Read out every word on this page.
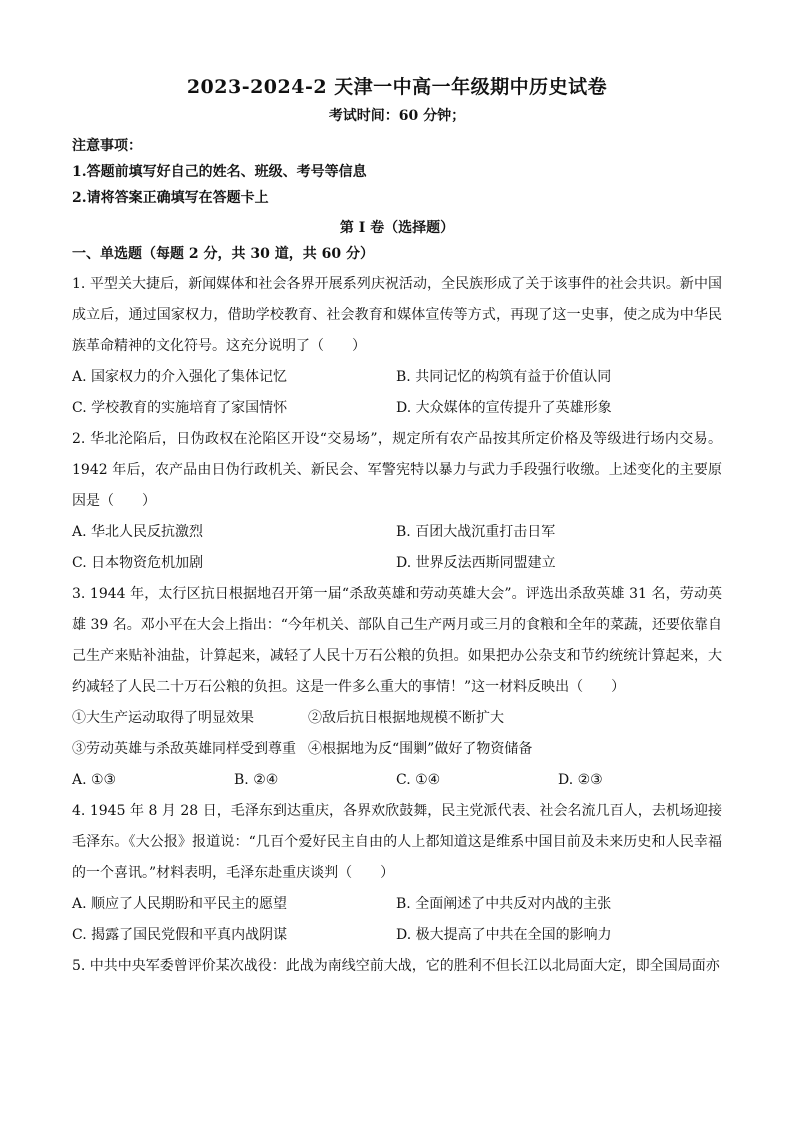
2023-2024-2 天津一中高一年级期中历史试卷
考试时间：60 分钟；
注意事项：
1.答题前填写好自己的姓名、班级、考号等信息
2.请将答案正确填写在答题卡上
第 I 卷（选择题）
一、单选题（每题 2 分，共 30 道，共 60 分）

1. 平型关大捷后，新闻媒体和社会各界开展系列庆祝活动，全民族形成了关于该事件的社会共识。新中国成立后，通过国家权力，借助学校教育、社会教育和媒体宣传等方式，再现了这一史事，使之成为中华民族革命精神的文化符号。这充分说明了（　　）

A. 国家权力的介入强化了集体记忆	B. 共同记忆的构筑有益于价值认同
C. 学校教育的实施培育了家国情怀	D. 大众媒体的宣传提升了英雄形象

2. 华北沦陷后，日伪政权在沦陷区开设“交易场”，规定所有农产品按其所定价格及等级进行场内交易。1942 年后，农产品由日伪行政机关、新民会、军警宪特以暴力与武力手段强行收缴。上述变化的主要原因是（　　）

A. 华北人民反抗激烈	B. 百团大战沉重打击日军
C. 日本物资危机加剧	D. 世界反法西斯同盟建立

3. 1944 年，太行区抗日根据地召开第一届“杀敌英雄和劳动英雄大会”。评选出杀敌英雄 31 名，劳动英雄 39 名。邓小平在大会上指出：“今年机关、部队自己生产两月或三月的食粮和全年的菜蔬，还要依靠自己生产来贴补油盐，计算起来，减轻了人民十万石公粮的负担。如果把办公杂支和节约统统计算起来，大约减轻了人民二十万石公粮的负担。这是一件多么重大的事情！”这一材料反映出（　　）

①大生产运动取得了明显效果	②敌后抗日根据地规模不断扩大
③劳动英雄与杀敌英雄同样受到尊重 ④根据地为反“围剿”做好了物资储备
A. ①③	B. ②④	C. ①④	D. ②③

4. 1945 年 8 月 28 日，毛泽东到达重庆，各界欢欣鼓舞，民主党派代表、社会名流几百人，去机场迎接毛泽东。《大公报》报道说：“几百个爱好民主自由的人上都知道这是维系中国目前及未来历史和人民幸福的一个喜讯。”材料表明，毛泽东赴重庆谈判（　　）

A. 顺应了人民期盼和平民主的愿望	B. 全面阐述了中共反对内战的主张
C. 揭露了国民党假和平真内战阴谋	D. 极大提高了中共在全国的影响力

5. 中共中央军委曾评价某次战役：此战为南线空前大战，它的胜利不但长江以北局面大定，即全国局面亦
